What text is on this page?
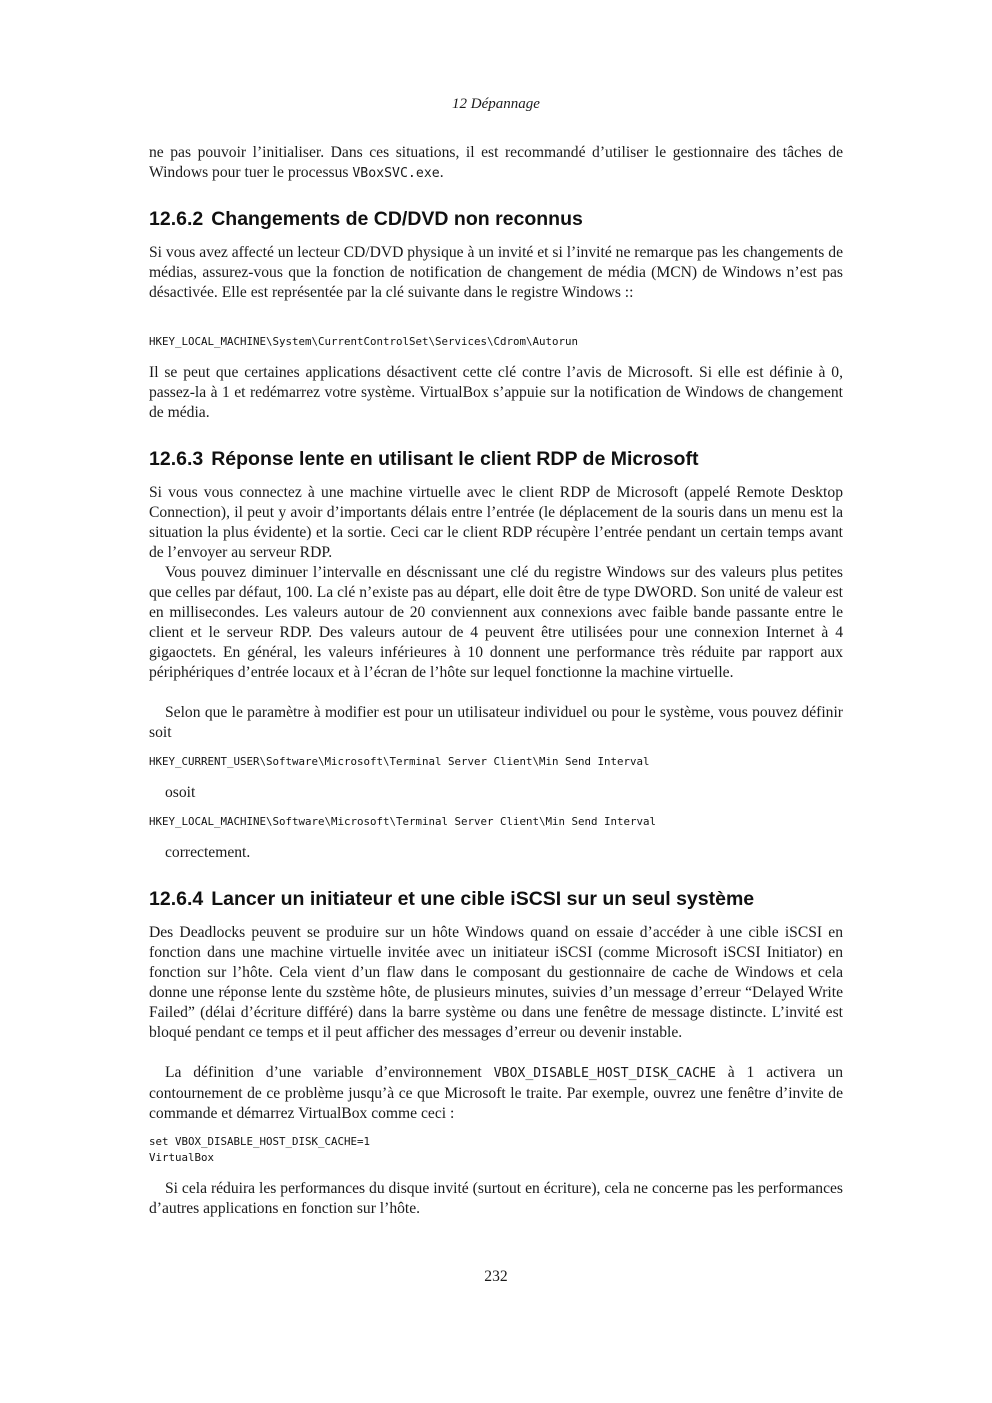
12 Dépannage

ne pas pouvoir l’initialiser. Dans ces situations, il est recommandé d’utiliser le gestionnaire des tâches de Windows pour tuer le processus VBoxSVC.exe.

12.6.2 Changements de CD/DVD non reconnus

Si vous avez affecté un lecteur CD/DVD physique à un invité et si l’invité ne remarque pas les changements de médias, assurez-vous que la fonction de notification de changement de média (MCN) de Windows n’est pas désactivée. Elle est représentée par la clé suivante dans le registre Windows ::

HKEY_LOCAL_MACHINE\System\CurrentControlSet\Services\Cdrom\Autorun

Il se peut que certaines applications désactivent cette clé contre l’avis de Microsoft. Si elle est définie à 0, passez-la à 1 et redémarrez votre système. VirtualBox s’appuie sur la notification de Windows de changement de média.

12.6.3 Réponse lente en utilisant le client RDP de Microsoft

Si vous vous connectez à une machine virtuelle avec le client RDP de Microsoft (appelé Remote Desktop Connection), il peut y avoir d’importants délais entre l’entrée (le déplacement de la souris dans un menu est la situation la plus évidente) et la sortie. Ceci car le client RDP récupère l’entrée pendant un certain temps avant de l’envoyer au serveur RDP.

Vous pouvez diminuer l’intervalle en déscnissant une clé du registre Windows sur des valeurs plus petites que celles par défaut, 100. La clé n’existe pas au départ, elle doit être de type DWORD. Son unité de valeur est en millisecondes. Les valeurs autour de 20 conviennent aux connexions avec faible bande passante entre le client et le serveur RDP. Des valeurs autour de 4 peuvent être utilisées pour une connexion Internet à 4 gigaoctets. En général, les valeurs inférieures à 10 donnent une performance très réduite par rapport aux périphériques d’entrée locaux et à l’écran de l’hôte sur lequel fonctionne la machine virtuelle.

Selon que le paramètre à modifier est pour un utilisateur individuel ou pour le système, vous pouvez définir soit

HKEY_CURRENT_USER\Software\Microsoft\Terminal Server Client\Min Send Interval

osoit

HKEY_LOCAL_MACHINE\Software\Microsoft\Terminal Server Client\Min Send Interval

correctement.

12.6.4 Lancer un initiateur et une cible iSCSI sur un seul système

Des Deadlocks peuvent se produire sur un hôte Windows quand on essaie d’accéder à une cible iSCSI en fonction dans une machine virtuelle invitée avec un initiateur iSCSI (comme Microsoft iSCSI Initiator) en fonction sur l’hôte. Cela vient d’un flaw dans le composant du gestionnaire de cache de Windows et cela donne une réponse lente du szstème hôte, de plusieurs minutes, suivies d’un message d’erreur “Delayed Write Failed” (délai d’écriture différé) dans la barre système ou dans une fenêtre de message distincte. L’invité est bloqué pendant ce temps et il peut afficher des messages d’erreur ou devenir instable.

La définition d’une variable d’environnement VBOX_DISABLE_HOST_DISK_CACHE à 1 activera un contournement de ce problème jusqu’à ce que Microsoft le traite. Par exemple, ouvrez une fenêtre d’invite de commande et démarrez VirtualBox comme ceci :

set VBOX_DISABLE_HOST_DISK_CACHE=1
VirtualBox

Si cela réduira les performances du disque invité (surtout en écriture), cela ne concerne pas les performances d’autres applications en fonction sur l’hôte.

232
